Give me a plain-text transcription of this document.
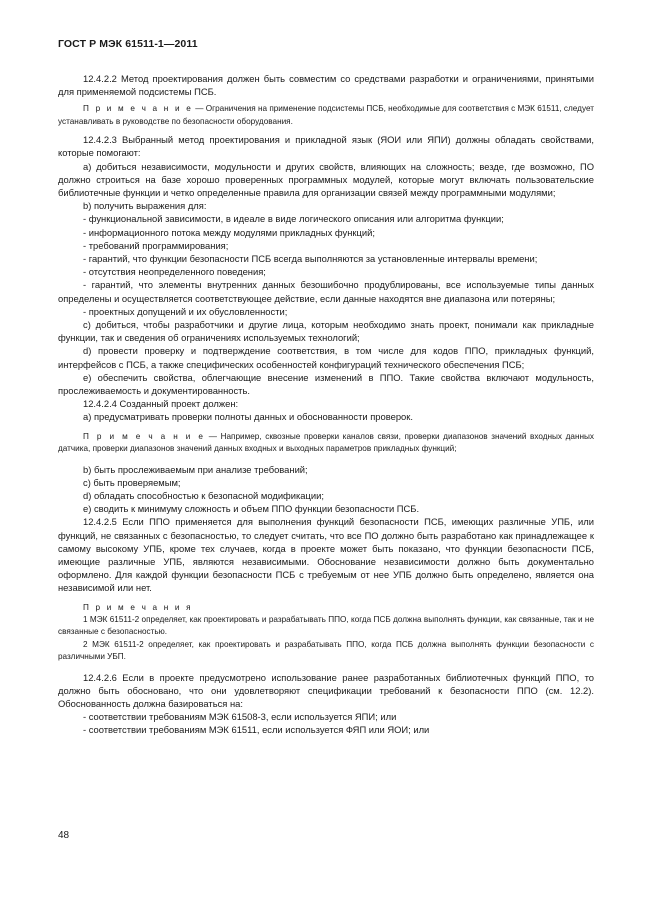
ГОСТ Р МЭК 61511-1—2011

12.4.2.2 Метод проектирования должен быть совместим со средствами разработки и ограничениями, принятыми для применяемой подсистемы ПСБ.

П р и м е ч а н и е — Ограничения на применение подсистемы ПСБ, необходимые для соответствия с МЭК 61511, следует устанавливать в руководстве по безопасности оборудования.

12.4.2.3 Выбранный метод проектирования и прикладной язык (ЯОИ или ЯПИ) должны обладать свойствами, которые помогают:

а) добиться независимости, модульности и других свойств, влияющих на сложность; везде, где возможно, ПО должно строиться на базе хорошо проверенных программных модулей, которые могут включать пользовательские библиотечные функции и четко определенные правила для организации связей между программными модулями;

b) получить выражения для:

- функциональной зависимости, в идеале в виде логического описания или алгоритма функции;

- информационного потока между модулями прикладных функций;

- требований программирования;

- гарантий, что функции безопасности ПСБ всегда выполняются за установленные интервалы времени;

- отсутствия неопределенного поведения;

- гарантий, что элементы внутренних данных безошибочно продублированы, все используемые типы данных определены и осуществляется соответствующее действие, если данные находятся вне диапазона или потеряны;

- проектных допущений и их обусловленности;

c) добиться, чтобы разработчики и другие лица, которым необходимо знать проект, понимали как прикладные функции, так и сведения об ограничениях используемых технологий;

d) провести проверку и подтверждение соответствия, в том числе для кодов ППО, прикладных функций, интерфейсов с ПСБ, а также специфических особенностей конфигураций технического обеспечения ПСБ;

e) обеспечить свойства, облегчающие внесение изменений в ППО. Такие свойства включают модульность, прослеживаемость и документированность.

12.4.2.4 Созданный проект должен:

а) предусматривать проверки полноты данных и обоснованности проверок.

П р и м е ч а н и е — Например, сквозные проверки каналов связи, проверки диапазонов значений входных данных датчика, проверки диапазонов значений данных входных и выходных параметров прикладных функций;

b) быть прослеживаемым при анализе требований;

c) быть проверяемым;

d) обладать способностью к безопасной модификации;

е) сводить к минимуму сложность и объем ППО функции безопасности ПСБ.

12.4.2.5 Если ППО применяется для выполнения функций безопасности ПСБ, имеющих различные УПБ, или функций, не связанных с безопасностью, то следует считать, что все ПО должно быть разработано как принадлежащее к самому высокому УПБ, кроме тех случаев, когда в проекте может быть показано, что функции безопасности ПСБ, имеющие различные УПБ, являются независимыми. Обоснование независимости должно быть документально оформлено. Для каждой функции безопасности ПСБ с требуемым от нее УПБ должно быть определено, является она независимой или нет.

П р и м е ч а н и я

1 МЭК 61511-2 определяет, как проектировать и разрабатывать ППО, когда ПСБ должна выполнять функции, как связанные, так и не связанные с безопасностью.

2 МЭК 61511-2 определяет, как проектировать и разрабатывать ППО, когда ПСБ должна выполнять функции безопасности с различными УБП.

12.4.2.6 Если в проекте предусмотрено использование ранее разработанных библиотечных функций ППО, то должно быть обосновано, что они удовлетворяют спецификации требований к безопасности ППО (см. 12.2). Обоснованность должна базироваться на:

- соответствии требованиям МЭК 61508-3, если используется ЯПИ; или

- соответствии требованиям МЭК 61511, если используется ФЯП или ЯОИ; или

48
